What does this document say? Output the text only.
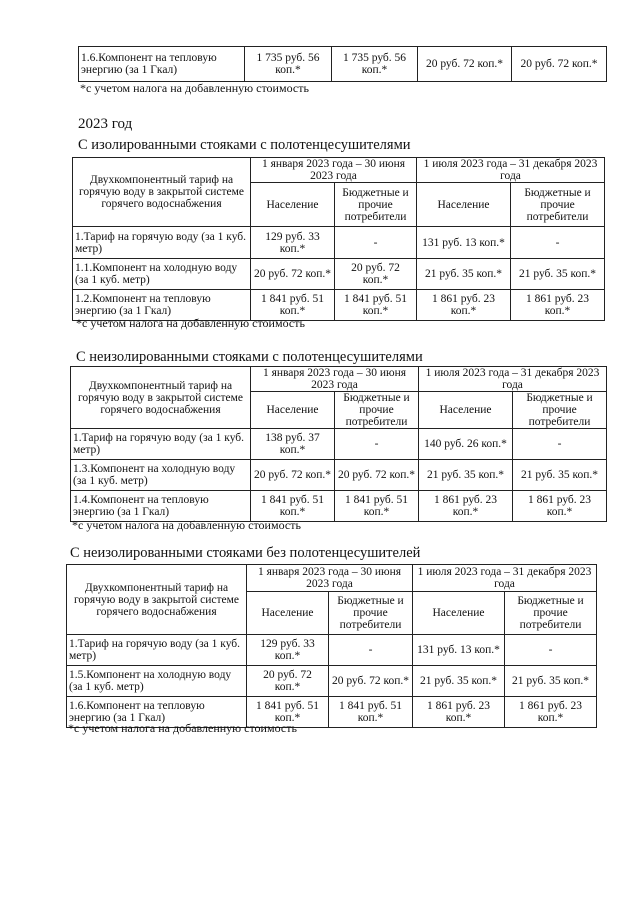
1.6.Компонент на тепловую энергию (за 1 Гкал)	1 735 руб. 56 коп.*	1 735 руб. 56 коп.*	20 руб. 72 коп.*	20 руб. 72 коп.*
*с учетом налога на добавленную стоимость
2023 год
С изолированными стояками с полотенцесушителями
Двухкомпонентный тариф на горячую воду в закрытой системе горячего водоснабжения	1 января 2023 года – 30 июня 2023 года		1 июля 2023 года – 31 декабря 2023 года	
	Население	Бюджетные и прочие потребители	Население	Бюджетные и прочие потребители
1.Тариф на горячую воду (за 1 куб. метр)	129 руб. 33 коп.*	-	131 руб. 13 коп.*	-
1.1.Компонент на холодную воду (за 1 куб. метр)	20 руб. 72 коп.*	20 руб. 72 коп.*	21 руб. 35 коп.*	21 руб. 35 коп.*
1.2.Компонент на тепловую энергию (за 1 Гкал)	1 841 руб. 51 коп.*	1 841 руб. 51 коп.*	1 861 руб. 23 коп.*	1 861 руб. 23 коп.*
*с учетом налога на добавленную стоимость
С неизолированными стояками с полотенцесушителями
Двухкомпонентный тариф на горячую воду в закрытой системе горячего водоснабжения	1 января 2023 года – 30 июня 2023 года		1 июля 2023 года – 31 декабря 2023 года	
	Население	Бюджетные и прочие потребители	Население	Бюджетные и прочие потребители
1.Тариф на горячую воду (за 1 куб. метр)	138 руб. 37 коп.*	-	140 руб. 26 коп.*	-
1.3.Компонент на холодную воду (за 1 куб. метр)	20 руб. 72 коп.*	20 руб. 72 коп.*	21 руб. 35 коп.*	21 руб. 35 коп.*
1.4.Компонент на тепловую энергию (за 1 Гкал)	1 841 руб. 51 коп.*	1 841 руб. 51 коп.*	1 861 руб. 23 коп.*	1 861 руб. 23 коп.*
*с учетом налога на добавленную стоимость
С неизолированными стояками без полотенцесушителей
Двухкомпонентный тариф на горячую воду в закрытой системе горячего водоснабжения	1 января 2023 года – 30 июня 2023 года		1 июля 2023 года – 31 декабря 2023 года	
	Население	Бюджетные и прочие потребители	Население	Бюджетные и прочие потребители
1.Тариф на горячую воду (за 1 куб. метр)	129 руб. 33 коп.*	-	131 руб. 13 коп.*	-
1.5.Компонент на холодную воду (за 1 куб. метр)	20 руб. 72 коп.*	20 руб. 72 коп.*	21 руб. 35 коп.*	21 руб. 35 коп.*
1.6.Компонент на тепловую энергию (за 1 Гкал)	1 841 руб. 51 коп.*	1 841 руб. 51 коп.*	1 861 руб. 23 коп.*	1 861 руб. 23 коп.*
*с учетом налога на добавленную стоимость
